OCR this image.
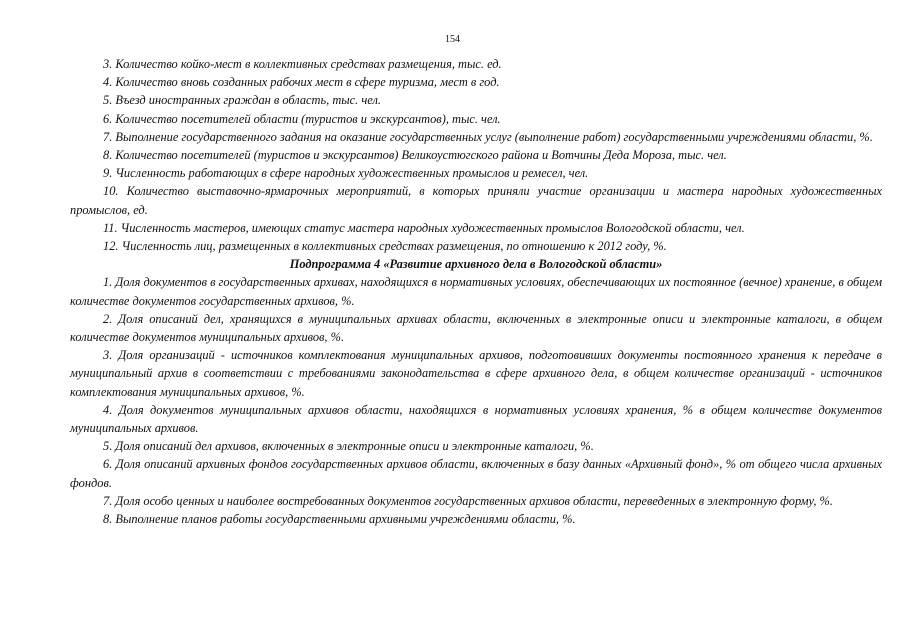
154

3. Количество койко-мест в коллективных средствах размещения, тыс. ед.

4. Количество вновь созданных рабочих мест в сфере туризма, мест в год.

5. Въезд иностранных граждан в область, тыс. чел.

6. Количество посетителей области (туристов и экскурсантов), тыс. чел.

7. Выполнение государственного задания на оказание государственных услуг (выполнение работ) государственными учреждениями области, %.

8. Количество посетителей (туристов и экскурсантов) Великоустюгского района и Вотчины Деда Мороза, тыс. чел.

9. Численность работающих в сфере народных художественных промыслов и ремесел, чел.

10. Количество выставочно-ярмарочных мероприятий, в которых приняли участие организации и мастера народных художественных промыслов, ед.

11. Численность мастеров, имеющих статус мастера народных художественных промыслов Вологодской области, чел.

12. Численность лиц, размещенных в коллективных средствах размещения, по отношению к 2012 году, %.

Подпрограмма 4 «Развитие архивного дела в Вологодской области»

1. Доля документов в государственных архивах, находящихся в нормативных условиях, обеспечивающих их постоянное (вечное) хранение, в общем количестве документов государственных архивов, %.

2. Доля описаний дел, хранящихся в муниципальных архивах области, включенных в электронные описи и электронные каталоги, в общем количестве документов муниципальных архивов, %.

3. Доля организаций - источников комплектования муниципальных архивов, подготовивших документы постоянного хранения к передаче в муниципальный архив в соответствии с требованиями законодательства в сфере архивного дела, в общем количестве организаций - источников комплектования муниципальных архивов, %.

4. Доля документов муниципальных архивов области, находящихся в нормативных условиях хранения, % в общем количестве документов муниципальных архивов.

5. Доля описаний дел архивов, включенных в электронные описи и электронные каталоги, %.

6. Доля описаний архивных фондов государственных архивов области, включенных в базу данных «Архивный фонд», % от общего числа архивных фондов.

7. Доля особо ценных и наиболее востребованных документов государственных архивов области, переведенных в электронную форму, %.

8. Выполнение планов работы государственными архивными учреждениями области, %.
